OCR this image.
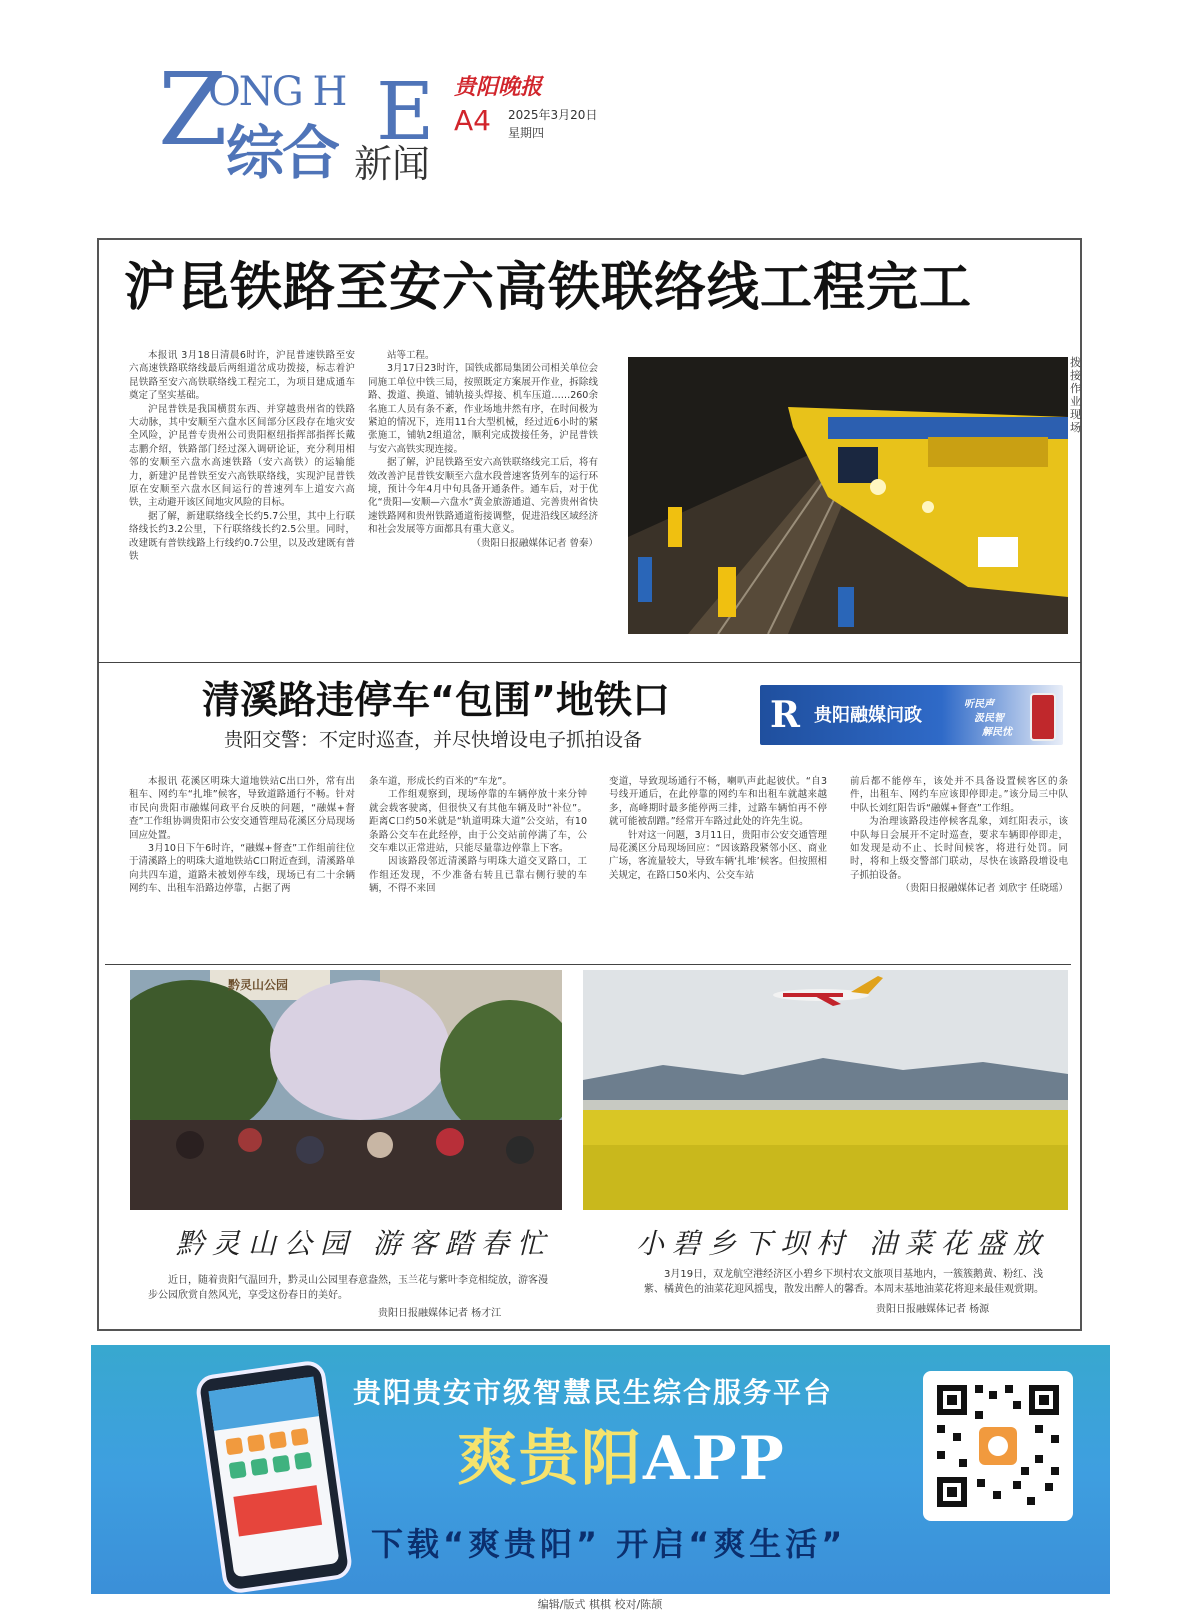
Z
ONG H E
综合 新闻
贵阳晚报
A4 2025年3月20日
星期四
沪昆铁路至安六高铁联络线工程完工

本报讯 3月18日清晨6时许，沪昆普速铁路至安六高速铁路联络线最后两组道岔成功拨接，标志着沪昆铁路至安六高铁联络线工程完工，为项目建成通车奠定了坚实基础。

沪昆普铁是我国横贯东西、并穿越贵州省的铁路大动脉，其中安顺至六盘水区间部分区段存在地灾安全风险，沪昆普专贵州公司贵阳枢纽指挥部指挥长戴志鹏介绍，铁路部门经过深入调研论证，充分利用相邻的安顺至六盘水高速铁路（安六高铁）的运输能力，新建沪昆普铁至安六高铁联络线，实现沪昆普铁原在安顺至六盘水区间运行的普速列车上道安六高铁，主动避开该区间地灾风险的目标。

据了解，新建联络线全长约5.7公里，其中上行联络线长约3.2公里，下行联络线长约2.5公里。同时，改建既有普铁线路上行线约0.7公里，以及改建既有普铁

站等工程。

3月17日23时许，国铁成都局集团公司相关单位会同施工单位中铁三局，按照既定方案展开作业，拆除线路、拨道、换道、铺轨接头焊接、机车压道……260余名施工人员有条不紊，作业场地井然有序，在时间极为紧迫的情况下，连用11台大型机械，经过近6小时的紧张施工，铺轨2组道岔，顺利完成拨接任务，沪昆普铁与安六高铁实现连接。

据了解，沪昆铁路至安六高铁联络线完工后，将有效改善沪昆普铁安顺至六盘水段普速客货列车的运行环境，预计今年4月中旬具备开通条件。通车后，对于优化“贵阳—安顺—六盘水”黄金旅游通道、完善贵州省快速铁路网和贵州铁路通道衔接调整，促进沿线区域经济和社会发展等方面都具有重大意义。

（贵阳日报融媒体记者 曾秦）

拨接作业现场
清溪路违停车“包围”地铁口
贵阳交警：不定时巡查，并尽快增设电子抓拍设备
R 贵阳融媒问政
听民声
汲民智
解民忧

本报讯 花溪区明珠大道地铁站C出口外，常有出租车、网约车“扎堆”候客，导致道路通行不畅。针对市民向贵阳市融媒问政平台反映的问题，“融媒+督查”工作组协调贵阳市公安交通管理局花溪区分局现场回应处置。

3月10日下午6时许，“融媒+督查”工作组前往位于清溪路上的明珠大道地铁站C口附近查到，清溪路单向共四车道，道路未被划停车线，现场已有二十余辆网约车、出租车沿路边停靠，占据了两

条车道，形成长约百米的“车龙”。

工作组观察到，现场停靠的车辆停放十来分钟就会载客驶离，但很快又有其他车辆及时“补位”。距离C口约50米就是“轨道明珠大道”公交站，有10条路公交车在此经停，由于公交站前停满了车，公交车难以正常进站，只能尽量靠边停靠上下客。

因该路段邻近清溪路与明珠大道交叉路口，工作组还发现，不少准备右转且已靠右侧行驶的车辆，不得不来回

变道，导致现场通行不畅，喇叭声此起彼伏。“自3号线开通后，在此停靠的网约车和出租车就越来越多，高峰期时最多能停两三排，过路车辆怕再不停就可能被刮蹭。”经常开车路过此处的许先生说。

针对这一问题，3月11日，贵阳市公安交通管理局花溪区分局现场回应：“因该路段紧邻小区、商业广场，客流量较大，导致车辆‘扎堆’候客。但按照相关规定，在路口50米内、公交车站

前后都不能停车，该处并不具备设置候客区的条件，出租车、网约车应该即停即走。”该分局三中队中队长刘红阳告诉“融媒+督查”工作组。

为治理该路段违停候客乱象，刘红阳表示，该中队每日会展开不定时巡查，要求车辆即停即走，如发现是动不止、长时间候客，将进行处罚。同时，将和上级交警部门联动，尽快在该路段增设电子抓拍设备。

（贵阳日报融媒体记者 刘欣宇 任晓瑶）

黔灵山公园
黔灵山公园 游客踏春忙
近日，随着贵阳气温回升，黔灵山公园里春意盎然，玉兰花与紫叶李竞相绽放，游客漫步公园欣赏自然风光，享受这份春日的美好。
贵阳日报融媒体记者 杨才江
小碧乡下坝村 油菜花盛放
3月19日，双龙航空港经济区小碧乡下坝村农文旅项目基地内，一簇簇鹅黄、粉红、浅紫、橘黄色的油菜花迎风摇曳，散发出醉人的馨香。本周末基地油菜花将迎来最佳观赏期。
贵阳日报融媒体记者 杨源
贵阳贵安市级智慧民生综合服务平台
爽贵阳APP
下载“爽贵阳” 开启“爽生活”
编辑/版式 棋棋 校对/陈颉
